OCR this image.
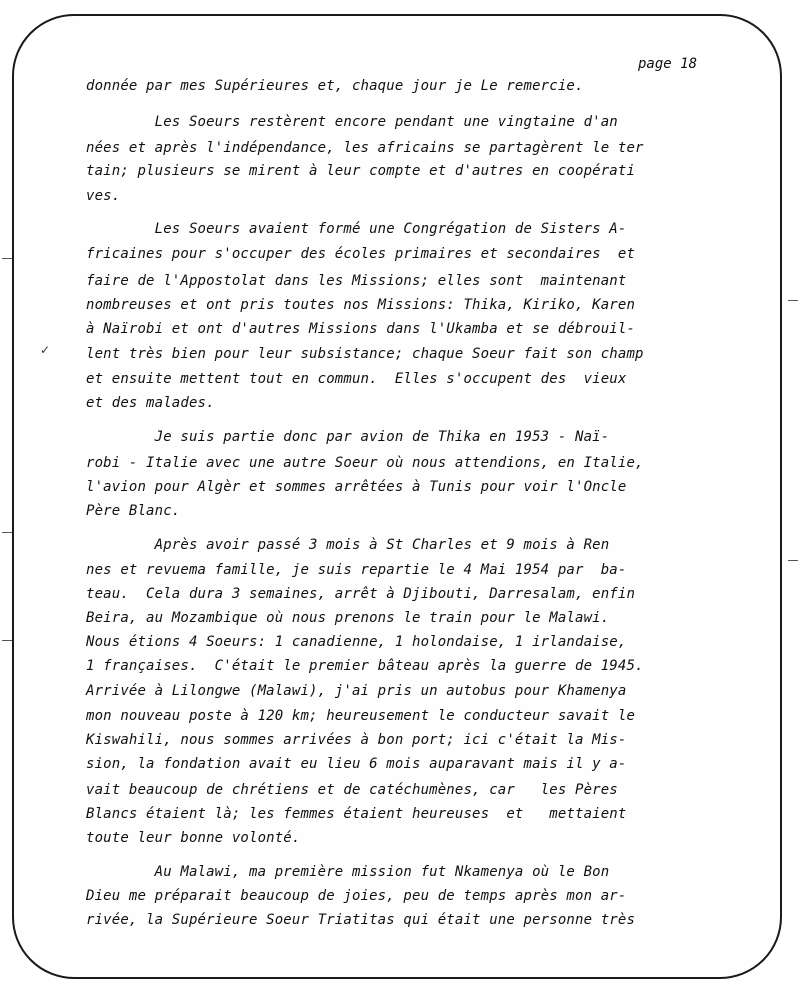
page 18
donnée par mes Supérieures et, chaque jour je Le remercie.
Les Soeurs restèrent encore pendant une vingtaine d'an
nées et après l'indépendance, les africains se partagèrent le ter
tain; plusieurs se mirent à leur compte et d'autres en coopérati
ves.
Les Soeurs avaient formé une Congrégation de Sisters A-
fricaines pour s'occuper des écoles primaires et secondaires  et
faire de l'Appostolat dans les Missions; elles sont  maintenant
nombreuses et ont pris toutes nos Missions: Thika, Kiriko, Karen
à Naïrobi et ont d'autres Missions dans l'Ukamba et se débrouil-
lent très bien pour leur subsistance; chaque Soeur fait son champ
et ensuite mettent tout en commun.  Elles s'occupent des  vieux
et des malades.
Je suis partie donc par avion de Thika en 1953 - Naï-
robi - Italie avec une autre Soeur où nous attendions, en Italie,
l'avion pour Algèr et sommes arrêtées à Tunis pour voir l'Oncle
Père Blanc.
Après avoir passé 3 mois à St Charles et 9 mois à Ren
nes et revuema famille, je suis repartie le 4 Mai 1954 par  ba-
teau.  Cela dura 3 semaines, arrêt à Djibouti, Darresalam, enfin
Beira, au Mozambique où nous prenons le train pour le Malawi.
Nous étions 4 Soeurs: 1 canadienne, 1 holondaise, 1 irlandaise,
1 françaises.  C'était le premier bâteau après la guerre de 1945.
Arrivée à Lilongwe (Malawi), j'ai pris un autobus pour Khamenya
mon nouveau poste à 120 km; heureusement le conducteur savait le
Kiswahili, nous sommes arrivées à bon port; ici c'était la Mis-
sion, la fondation avait eu lieu 6 mois auparavant mais il y a-
vait beaucoup de chrétiens et de catéchumènes, car   les Pères
Blancs étaient là; les femmes étaient heureuses  et   mettaient
toute leur bonne volonté.
Au Malawi, ma première mission fut Nkamenya où le Bon
Dieu me préparait beaucoup de joies, peu de temps après mon ar-
rivée, la Supérieure Soeur Triatitas qui était une personne très
✓
